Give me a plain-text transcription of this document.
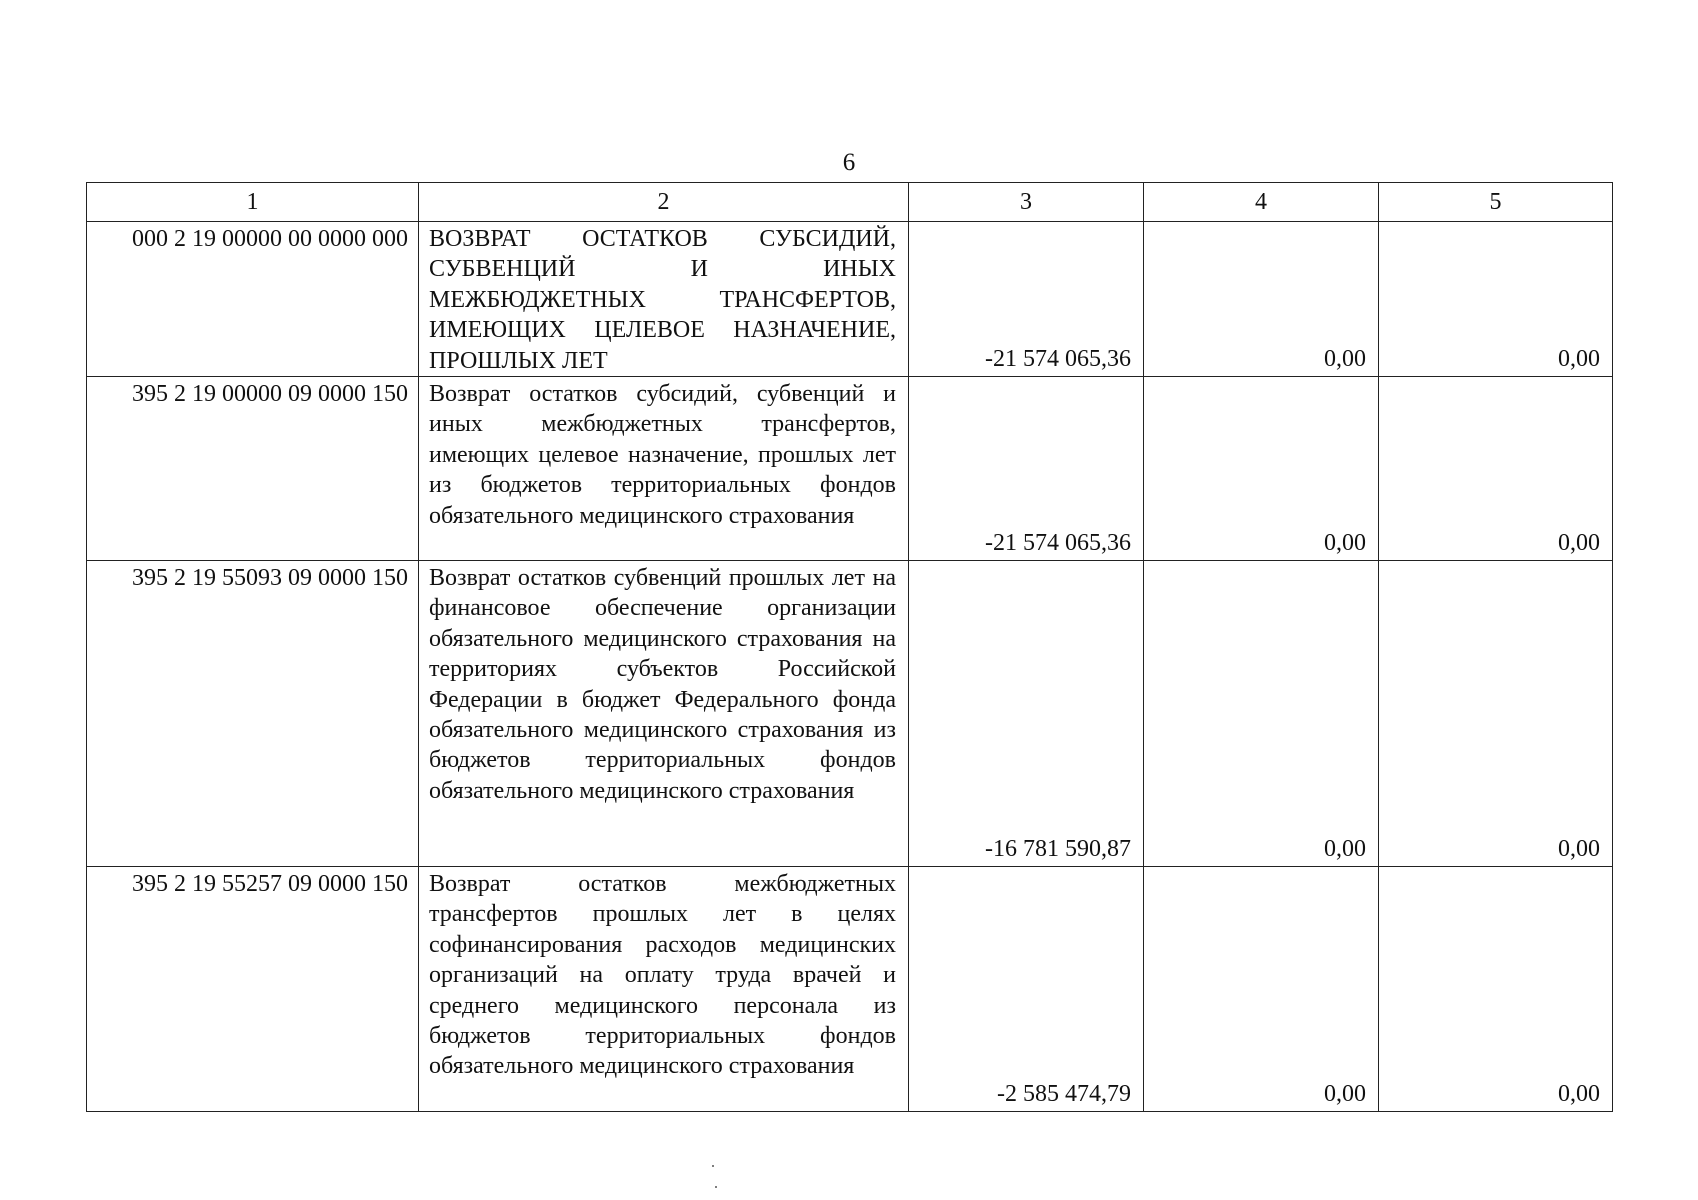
6
1	2	3	4	5
000 2 19 00000 00 0000 000	ВОЗВРАТ ОСТАТКОВ СУБСИДИЙ, СУБВЕНЦИЙ И ИНЫХ МЕЖБЮДЖЕТНЫХ ТРАНСФЕРТОВ, ИМЕЮЩИХ ЦЕЛЕВОЕ НАЗНАЧЕНИЕ, ПРОШЛЫХ ЛЕТ	-21 574 065,36	0,00	0,00
395 2 19 00000 09 0000 150	Возврат остатков субсидий, субвенций и иных межбюджетных трансфертов, имеющих целевое назначение, прошлых лет из бюджетов территориальных фондов обязательного медицинского страхования	-21 574 065,36	0,00	0,00
395 2 19 55093 09 0000 150	Возврат остатков субвенций прошлых лет на финансовое обеспечение организации обязательного медицинского страхования на территориях субъектов Российской Федерации в бюджет Федерального фонда обязательного медицинского страхования из бюджетов территориальных фондов обязательного медицинского страхования	-16 781 590,87	0,00	0,00
395 2 19 55257 09 0000 150	Возврат остатков межбюджетных трансфертов прошлых лет в целях софинансирования расходов медицинских организаций на оплату труда врачей и среднего медицинского персонала из бюджетов территориальных фондов обязательного медицинского страхования	-2 585 474,79	0,00	0,00
